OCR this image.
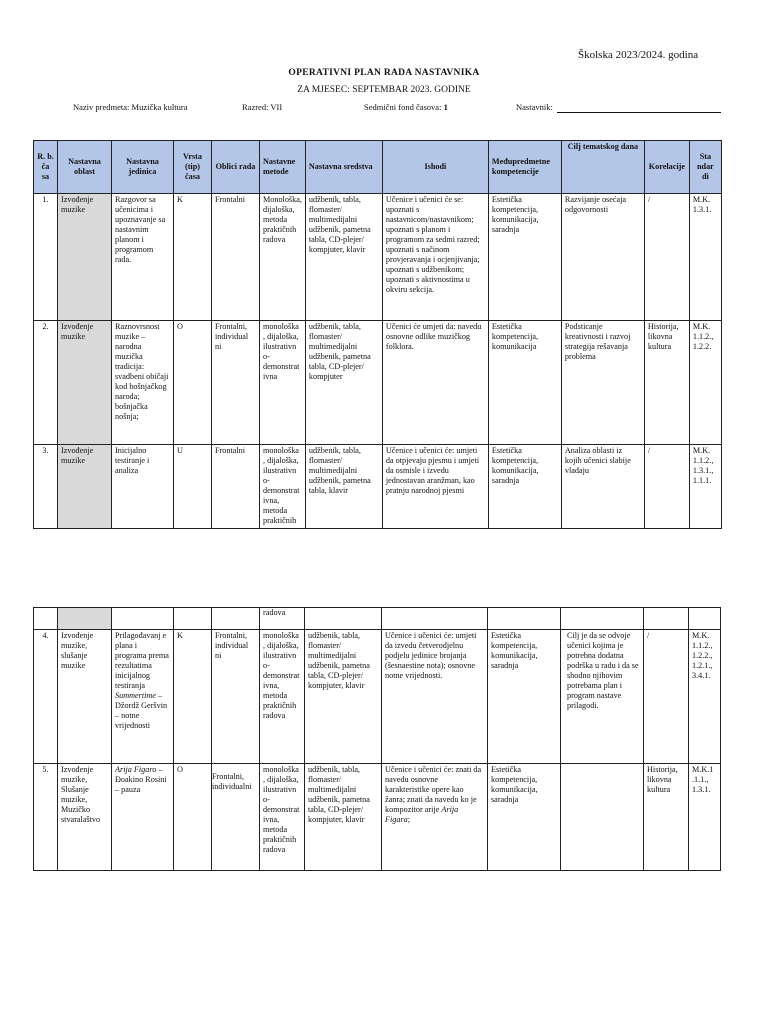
Školska 2023/2024. godina
OPERATIVNI PLAN RADA NASTAVNIKA
ZA MJESEC: SEPTEMBAR 2023. GODINE
Naziv predmeta: Muzička kultura	Razred: VII	Sedmični fond časova: 1	Nastavnik:
R. b. ča sa	Nastavna oblast	Nastavna jedinica	Vrsta (tip) časa	Oblici rada	Nastavne metode	Nastavna sredstva	Ishodi	Međupredmetne kompetencije	Cilj tematskog dana	Korelacije	Sta ndar di
1.	Izvođenje muzike	Razgovor sa učenicima i upoznavanje sa nastavnim planom i programom rada.	K	Frontalni	Monološka, dijaloška, metoda praktičnih radova	udžbenik, tabla, flomaster/ multimedijalni udžbenik, pametna tabla, CD-plejer/ kompjuter, klavir	Učenice i učenici će se: upoznati s nastavnicom/nastavnikom; upoznati s planom i programom za sedmi razred; upoznati s načinom provjeravanja i ocjenjivanja; upoznati s udžbenikom; upoznati s aktivnostima u okviru sekcija.	Estetička kompetencija, komunikacija, saradnja	Razvijanje osećaja odgovornosti	/	M.K. 1.3.1.
2.	Izvođenje muzike	Raznovrsnost muzike – narodna muzička tradicija: svadbeni običaji kod bošnjačkog naroda; bošnjačka nošnja;	O	Frontalni, individual ni	monološka , dijaloška, ilustrativn o- demonstrat ivna	udžbenik, tabla, flomaster/ multimedijalni udžbenik, pametna tabla, CD-plejer/ kompjuter	Učenici će umjeti da: navedu osnovne odlike muzičkog folklora.	Estetička kompetencija, komunikacija	Podsticanje kreativnosti i razvoj strategija rešavanja problema	Historija, likovna kultura	M.K. 1.1.2., 1.2.2.
3.	Izvođenje muzike	Inicijalno testiranje i analiza	U	Frontalni	monološka , dijaloška, ilustrativn o- demonstrat ivna, metoda praktičnih	udžbenik, tabla, flomaster/ multimedijalni udžbenik, pametna tabla, klavir	Učenice i učenici će: umjeti da otpjevaju pjesmu i umjeti da osmisle i izvedu jednostavan aranžman, kao pratnju narodnoj pjesmi	Estetička kompetencija, komunikacija, saradnja	Analiza oblasti iz kojih učenici slabije vladaju	/	M.K. 1.1.2., 1.3.1., 1.1.1.
					radova						
4.	Izvođenje muzike, slušanje muzike	Prilagođavanj e plana i programa prema rezultatima inicijalnog testiranja Summertime – Džordž Geršvin – notne vrijednosti	K	Frontalni, individual ni	monološka , dijaloška, ilustrativn o- demonstrat ivna, metoda praktičnih radova	udžbenik, tabla, flomaster/ multimedijalni udžbenik, pametna tabla, CD-plejer/ kompjuter, klavir	Učenice i učenici će: umjeti da izvedu četverodjelnu podjelu jedinice brojanja (šesnaestine nota); osnovne notne vrijednosti.	Estetička kompetencija, komunikacija, saradnja	Cilj je da se odvoje učenici kojima je potrebna dodatna podrška u radu i da se shodno njihovim potrebama plan i program nastave prilagodi.	/	M.K. 1.1.2., 1.2.2., 1.2.1., 3.4.1.
5.	Izvođenje muzike, Slušanje muzike, Muzičko stvaralaštvo	Arija Figaro – Đoakino Rosini – pauza	O	Frontalni, individualni	monološka , dijaloška, ilustrativn o- demonstrat ivna, metoda praktičnih radova	udžbenik, tabla, flomaster/ multimedijalni udžbenik, pametna tabla, CD-plejer/ kompjuter, klavir	Učenice i učenici će: znati da navedu osnovne karakteristike opere kao žanra; znati da navedu ko je kompozitor arije Arija Figara;	Estetička kompetencija, komunikacija, saradnja		Historija, likovna kultura	M.K.1 .1.1., 1.3.1.
